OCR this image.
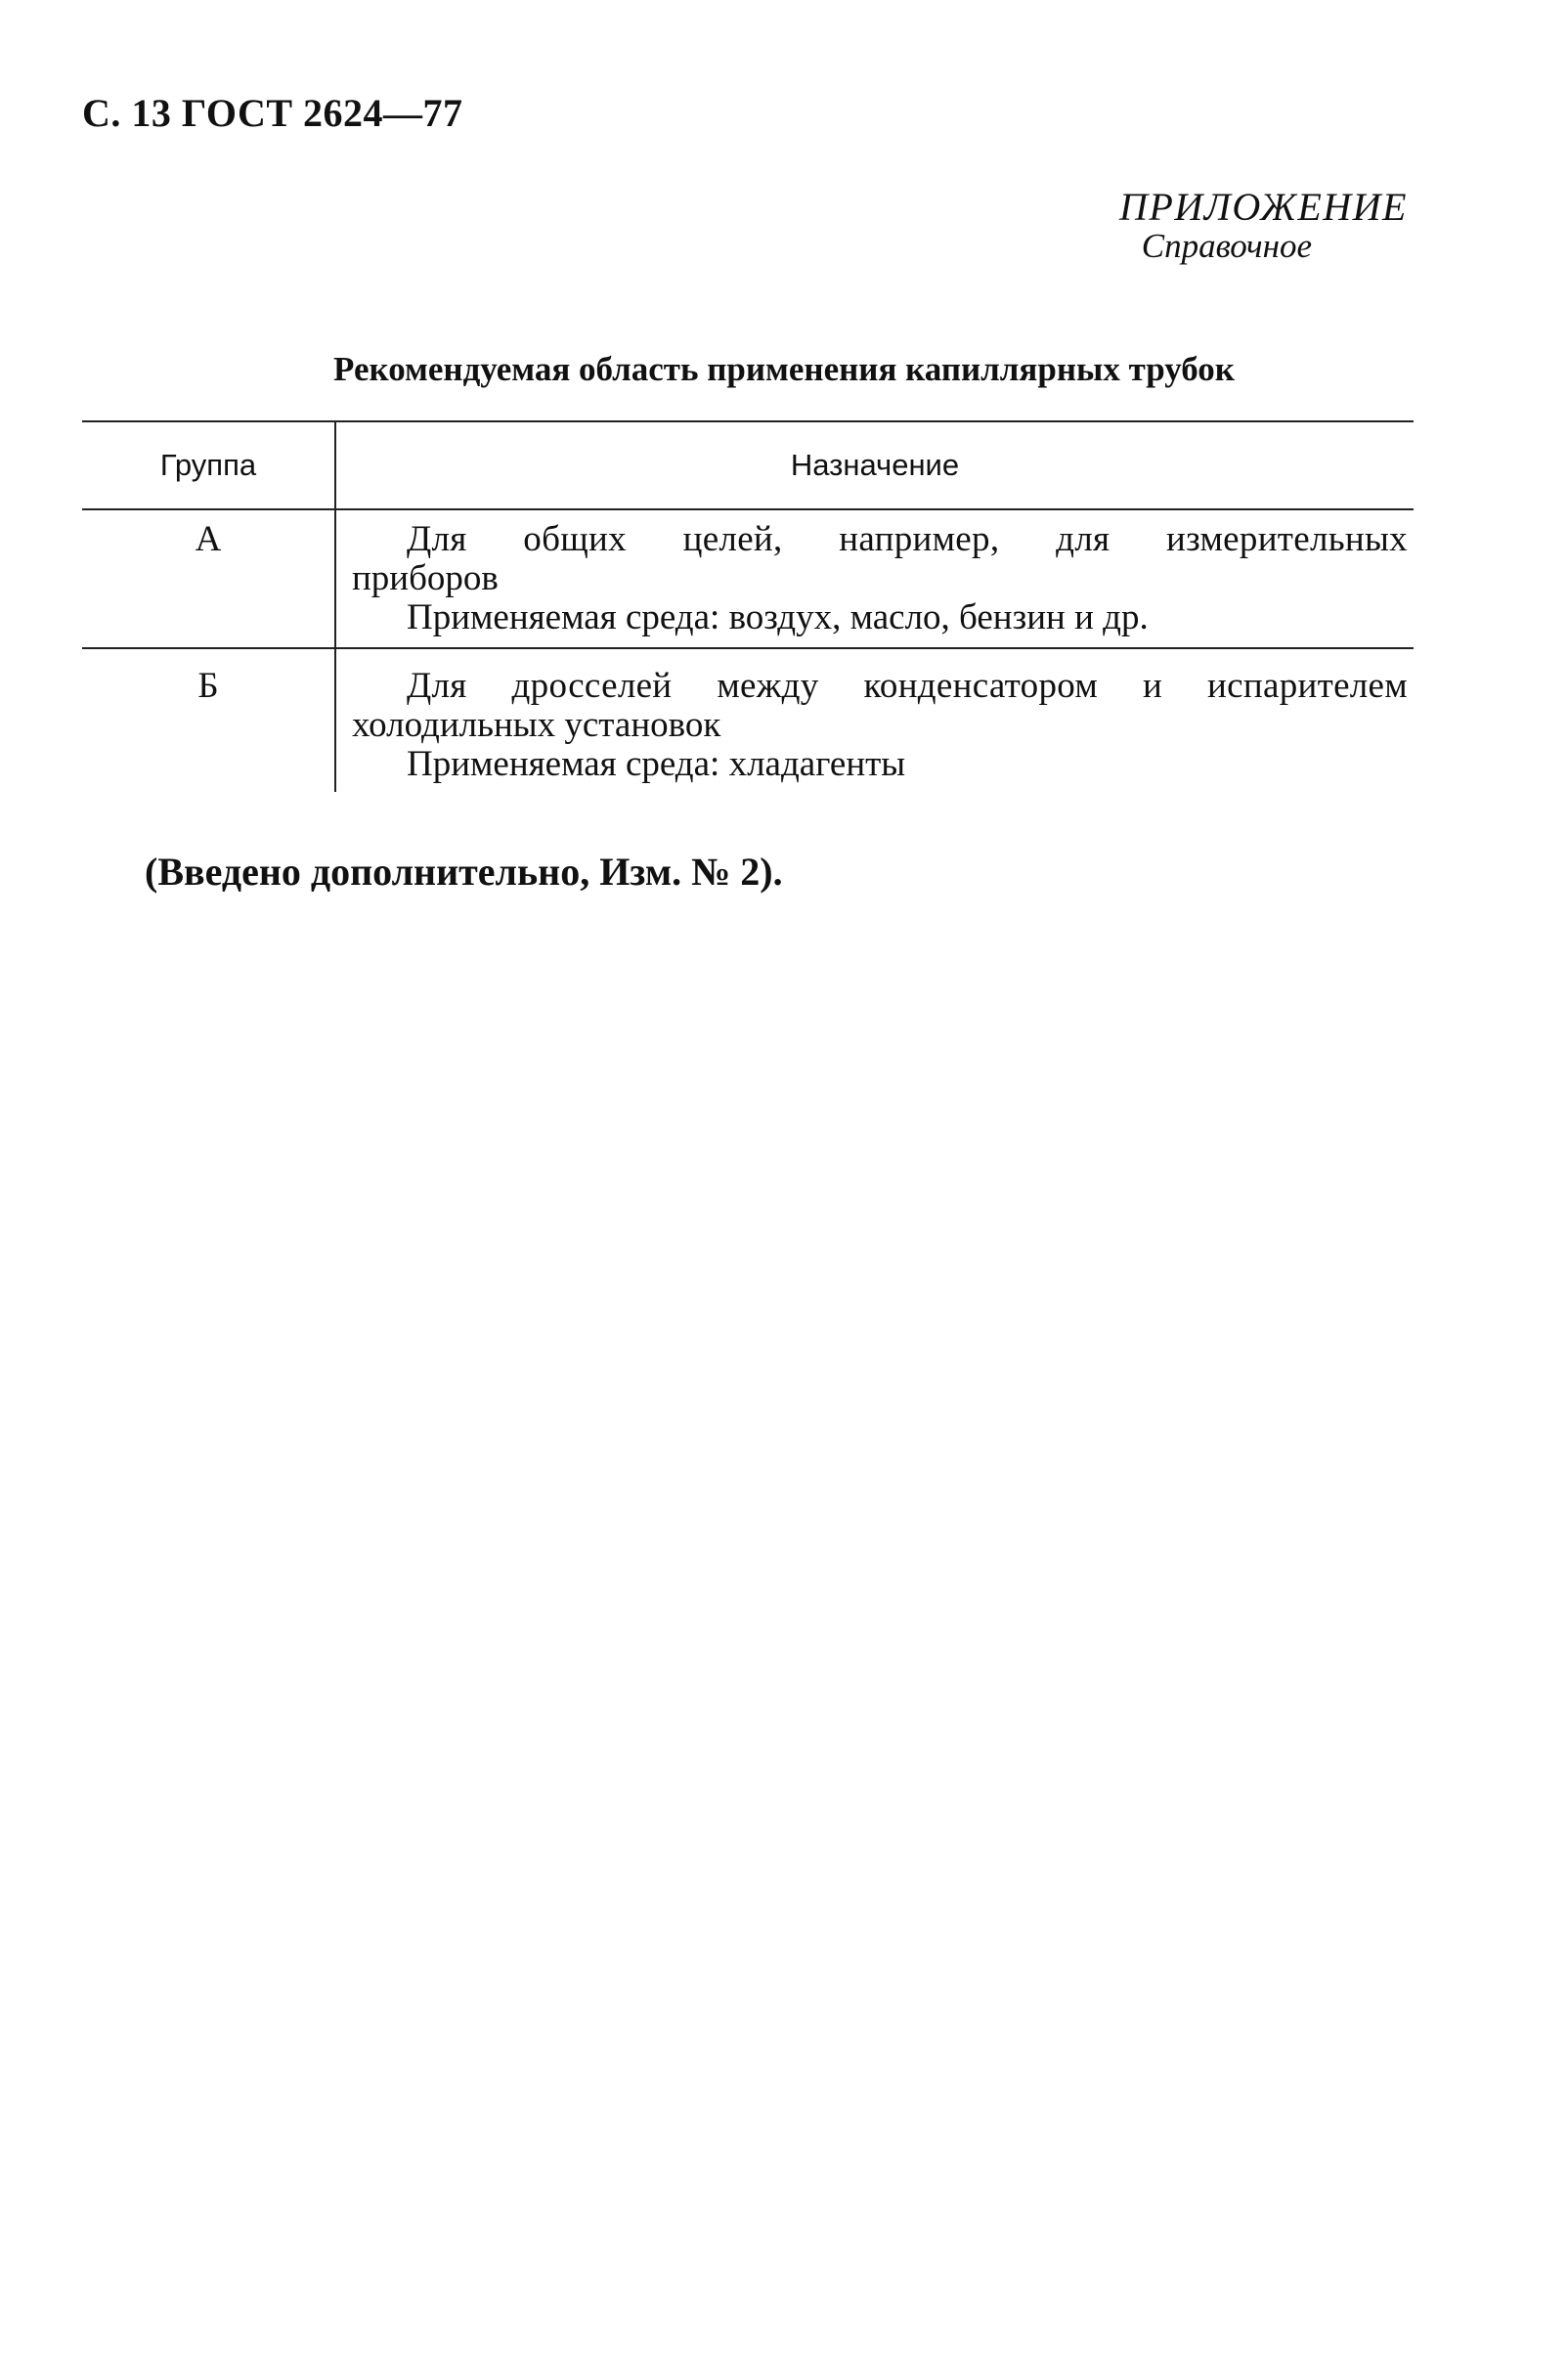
С. 13 ГОСТ 2624—77
ПРИЛОЖЕНИЕ
Справочное
Рекомендуемая область применения капиллярных трубок
Группа	Назначение
А	Для общих целей, например, для измерительных
приборов
Применяемая среда: воздух, масло, бензин и др.

Б	Для дросселей между конденсатором и испарителем
холодильных установок
Применяемая среда: хладагенты
(Введено дополнительно, Изм. № 2).
